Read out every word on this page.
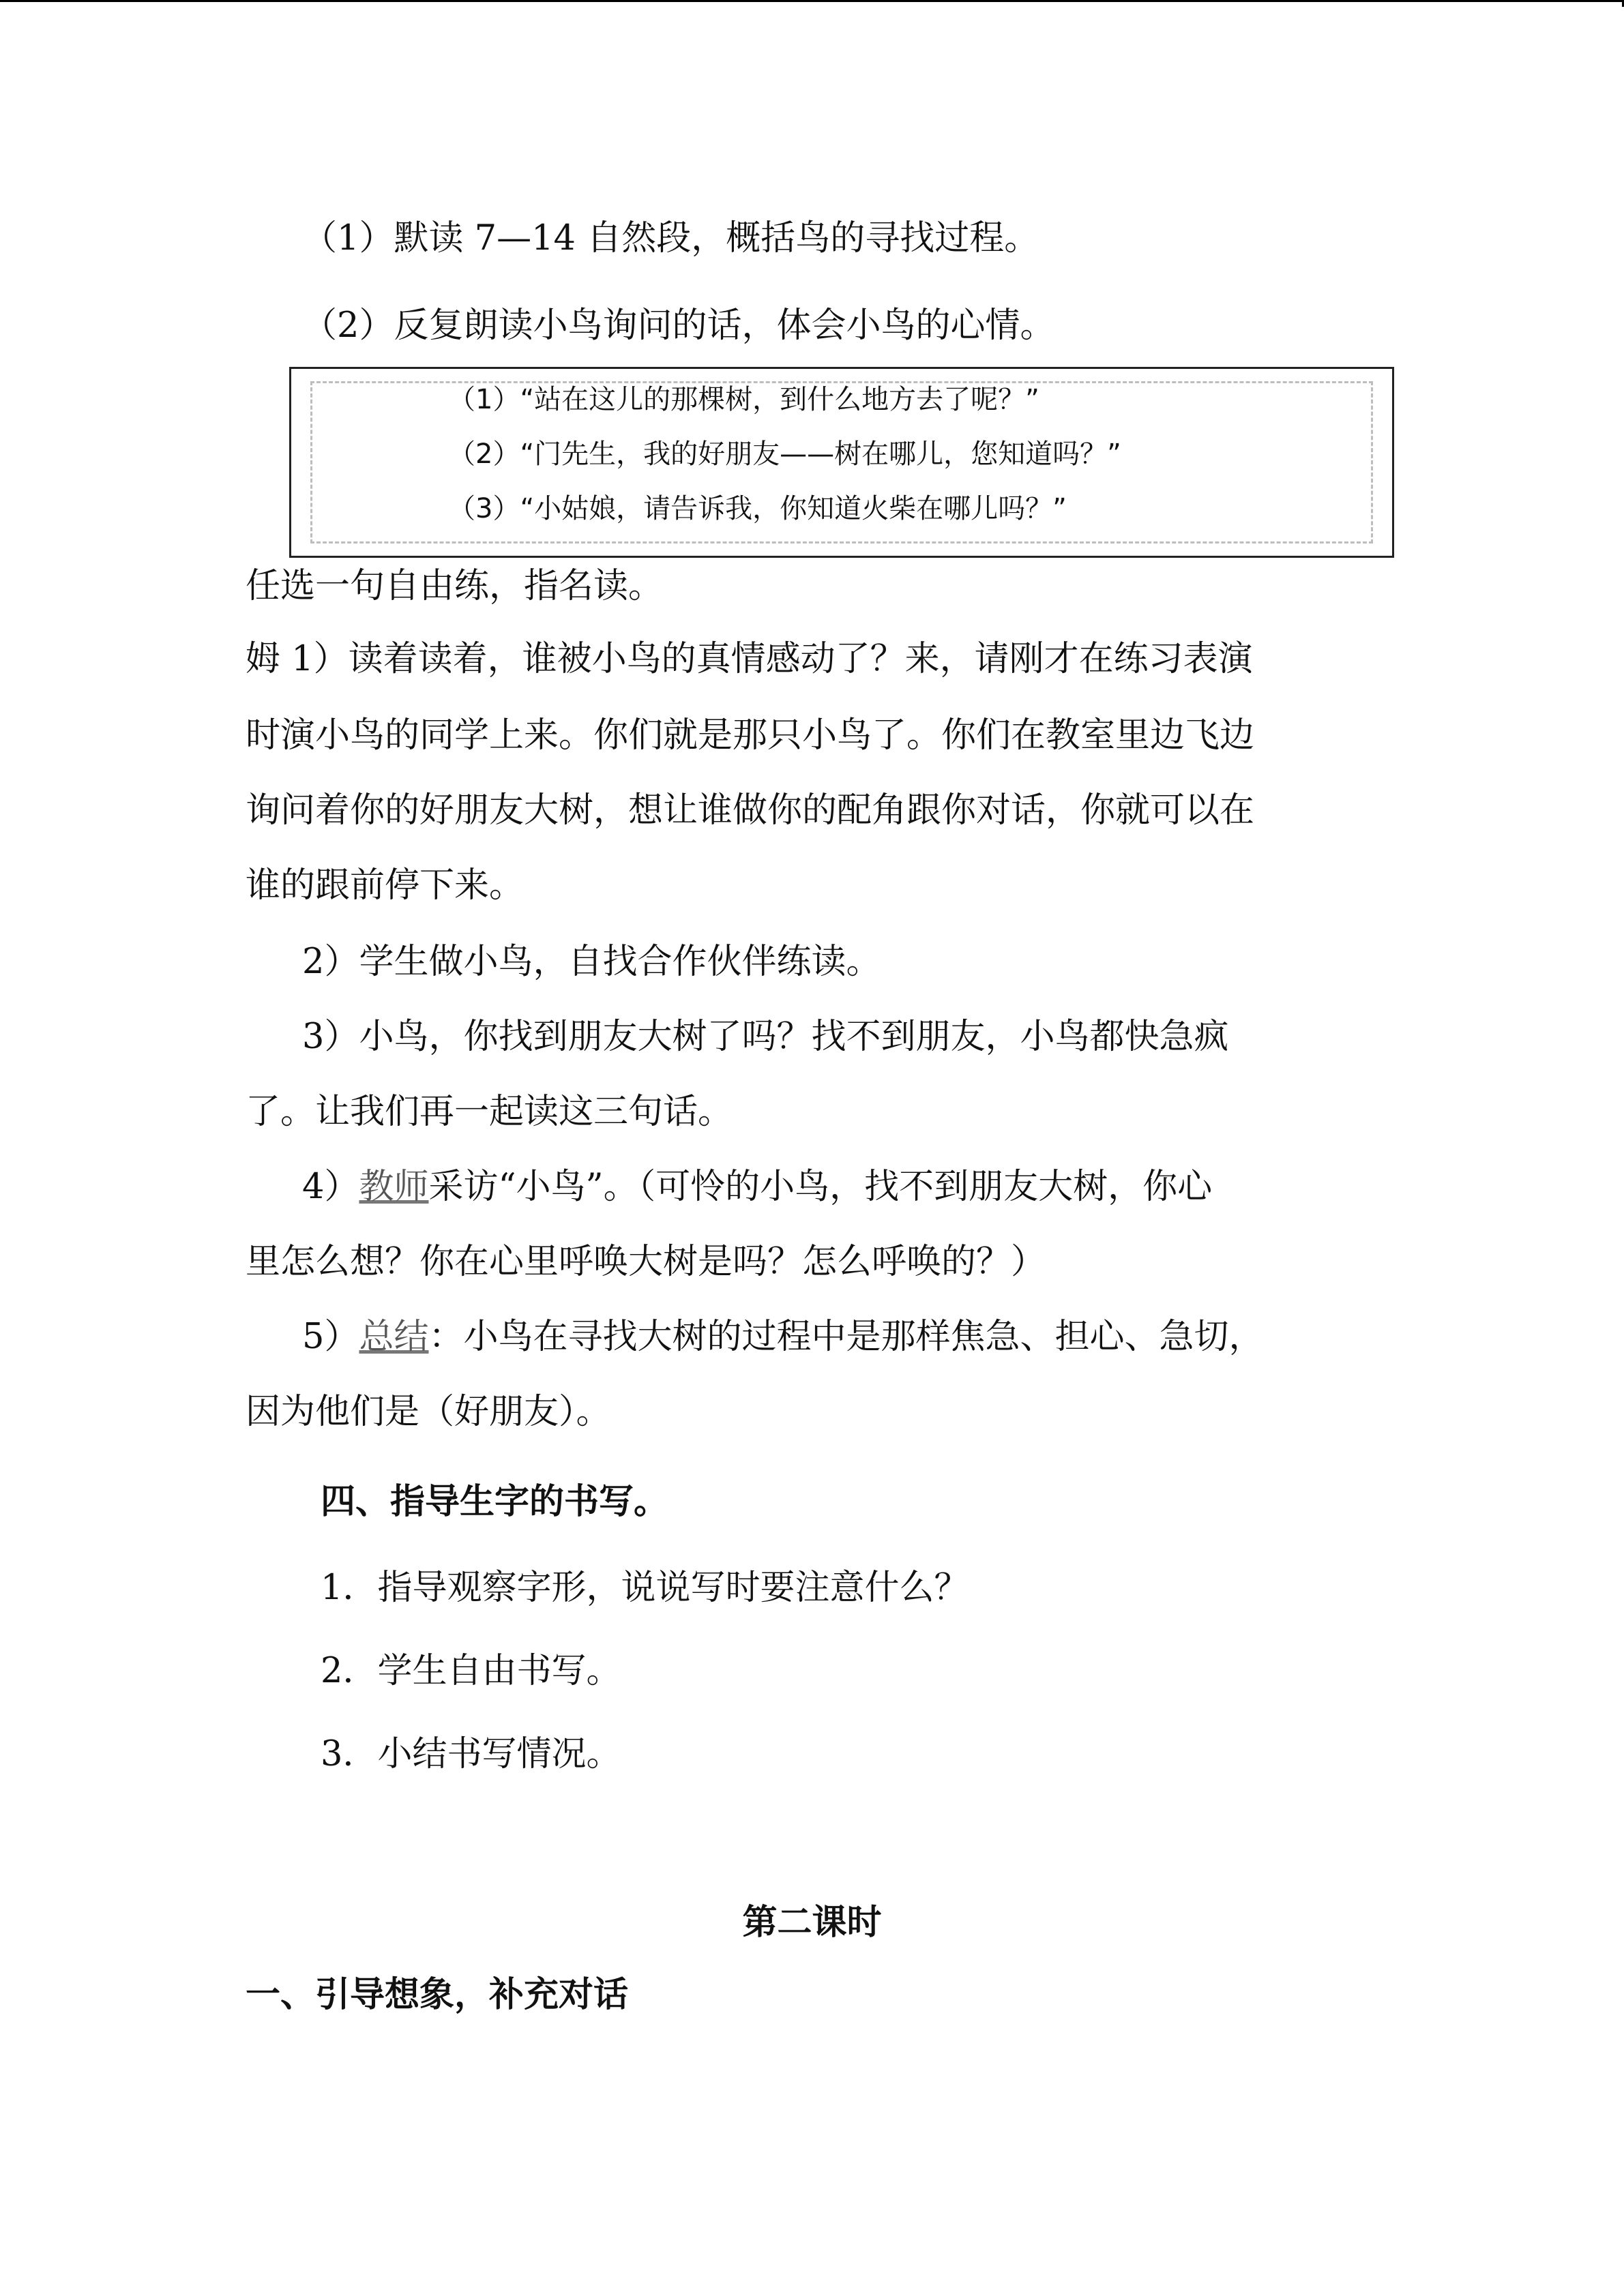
（1）默读 7—14 自然段，概括鸟的寻找过程。
（2）反复朗读小鸟询问的话，体会小鸟的心情。
（1）“站在这儿的那棵树，到什么地方去了呢？”
（2）“门先生，我的好朋友——树在哪儿，您知道吗？”
（3）“小姑娘，请告诉我，你知道火柴在哪儿吗？”
任选一句自由练，指名读。
姆 1）读着读着，谁被小鸟的真情感动了？来，请刚才在练习表演
时演小鸟的同学上来。你们就是那只小鸟了。你们在教室里边飞边
询问着你的好朋友大树，想让谁做你的配角跟你对话，你就可以在
谁的跟前停下来。
2）学生做小鸟，自找合作伙伴练读。
3）小鸟，你找到朋友大树了吗？找不到朋友，小鸟都快急疯
了。让我们再一起读这三句话。
4）教师采访“小鸟”。（可怜的小鸟，找不到朋友大树，你心
里怎么想？你在心里呼唤大树是吗？怎么呼唤的？）
5）总结：小鸟在寻找大树的过程中是那样焦急、担心、急切，
因为他们是（好朋友）。
四、指导生字的书写。
1．指导观察字形，说说写时要注意什么？
2．学生自由书写。
3．小结书写情况。
第二课时
一、引导想象，补充对话
